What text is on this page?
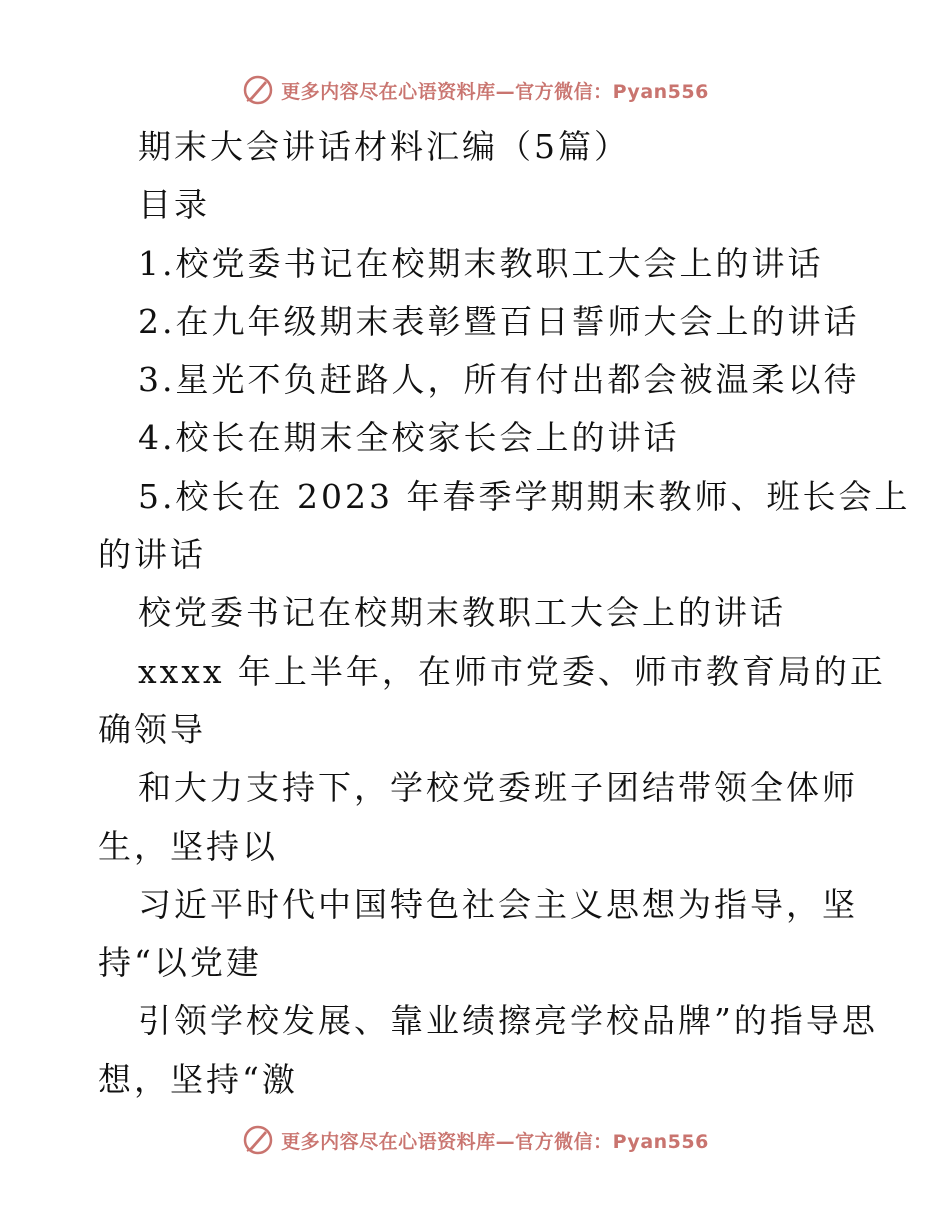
更多内容尽在心语资料库—官方微信：Pyan556
期末大会讲话材料汇编（5篇）
目录
1.校党委书记在校期末教职工大会上的讲话
2.在九年级期末表彰暨百日誓师大会上的讲话
3.星光不负赶路人，所有付出都会被温柔以待
4.校长在期末全校家长会上的讲话
5.校长在 2023 年春季学期期末教师、班长会上
的讲话
校党委书记在校期末教职工大会上的讲话
xxxx 年上半年，在师市党委、师市教育局的正
确领导
和大力支持下，学校党委班子团结带领全体师
生，坚持以
习近平时代中国特色社会主义思想为指导，坚
持“以党建
引领学校发展、靠业绩擦亮学校品牌”的指导思
想，坚持“激
更多内容尽在心语资料库—官方微信：Pyan556
